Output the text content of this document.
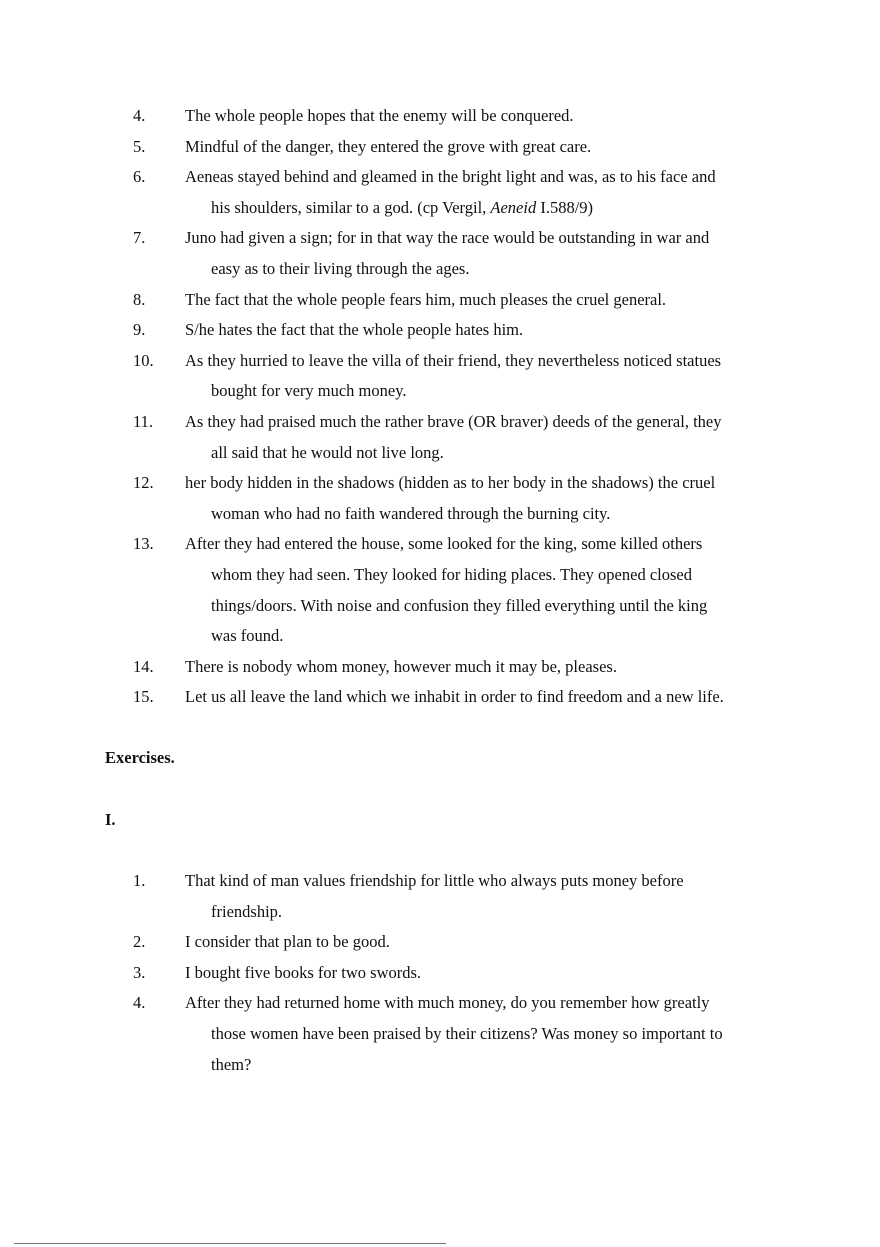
4. The whole people hopes that the enemy will be conquered.
5. Mindful of the danger, they entered the grove with great care.
6. Aeneas stayed behind and gleamed in the bright light and was, as to his face and
his shoulders, similar to a god. (cp Vergil, Aeneid I.588/9)
7. Juno had given a sign; for in that way the race would be outstanding in war and
easy as to their living through the ages.
8. The fact that the whole people fears him, much pleases the cruel general.
9. S/he hates the fact that the whole people hates him.
10. As they hurried to leave the villa of their friend, they nevertheless noticed statues
bought for very much money.
11. As they had praised much the rather brave (OR braver) deeds of the general, they
all said that he would not live long.
12. her body hidden in the shadows (hidden as to her body in the shadows) the cruel
woman who had no faith wandered through the burning city.
13. After they had entered the house, some looked for the king, some killed others
whom they had seen. They looked for hiding places. They opened closed
things/doors. With noise and confusion they filled everything until the king
was found.
14. There is nobody whom money, however much it may be, pleases.
15. Let us all leave the land which we inhabit in order to find freedom and a new life.
Exercises.
I.
1. That kind of man values friendship for little who always puts money before
friendship.
2. I consider that plan to be good.
3. I bought five books for two swords.
4. After they had returned home with much money, do you remember how greatly
those women have been praised by their citizens? Was money so important to
them?
